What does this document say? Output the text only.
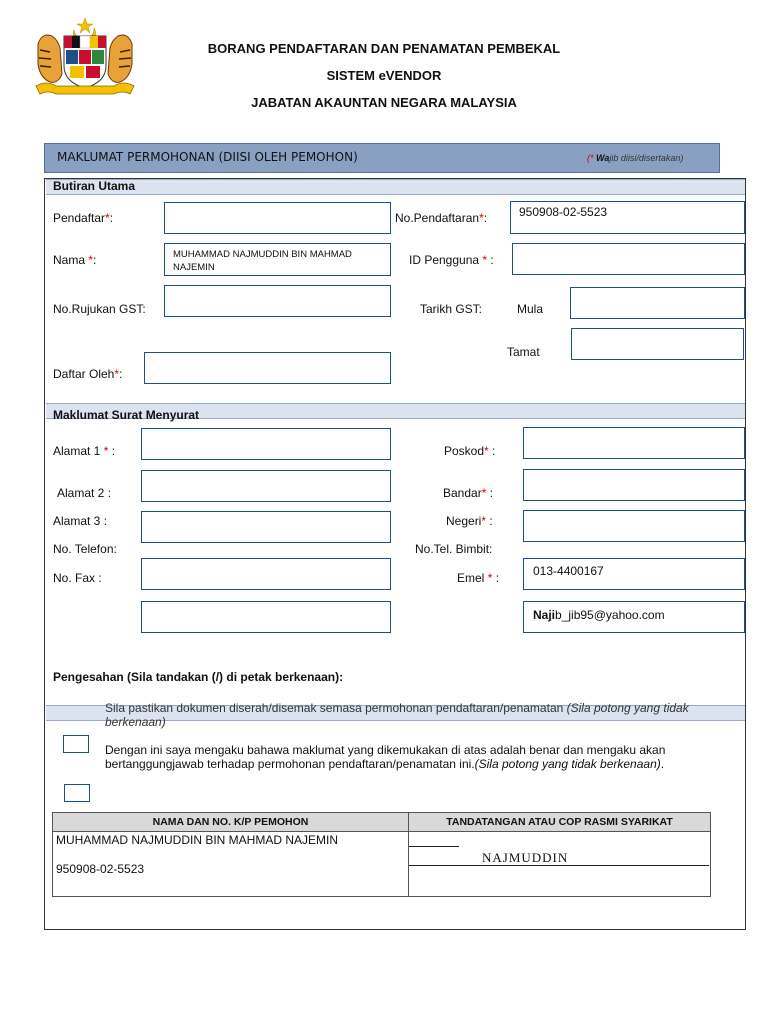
BORANG PENDAFTARAN DAN PENAMATAN PEMBEKAL
SISTEM eVENDOR
JABATAN AKAUNTAN NEGARA MALAYSIA
MAKLUMAT PERMOHONAN (DIISI OLEH PEMOHON)	(* Wajib diisi/disertakan)
Butiran Utama
Pendaftar*:	No.Pendaftaran*:	950908-02-5523
Nama *:	MUHAMMAD NAJMUDDIN BIN MAHMAD NAJEMIN
ID Pengguna * :
No.Rujukan GST:	Tarikh GST:	Mula
Tamat
Daftar Oleh*:
Maklumat Surat Menyurat
Alamat 1 * :	Poskod* :
Alamat 2 :	Bandar* :
Alamat 3 :	Negeri* :
No. Telefon:	No.Tel. Bimbit:
No. Fax :	Emel * :	013-4400167
Najib_jib95@yahoo.com
Pengesahan (Sila tandakan (/) di petak berkenaan):
Sila pastikan dokumen diserah/disemak semasa permohonan pendaftaran/penamatan (Sila potong yang tidak berkenaan)
Dengan ini saya mengaku bahawa maklumat yang dikemukakan di atas adalah benar dan mengaku akan bertanggungjawab terhadap permohonan pendaftaran/penamatan ini.(Sila potong yang tidak berkenaan).
NAMA DAN NO. K/P PEMOHON	TANDATANGAN ATAU COP RASMI SYARIKAT

MUHAMMAD NAJMUDDIN BIN MAHMAD NAJEMIN
950908-02-5523	NAJMUDDIN
